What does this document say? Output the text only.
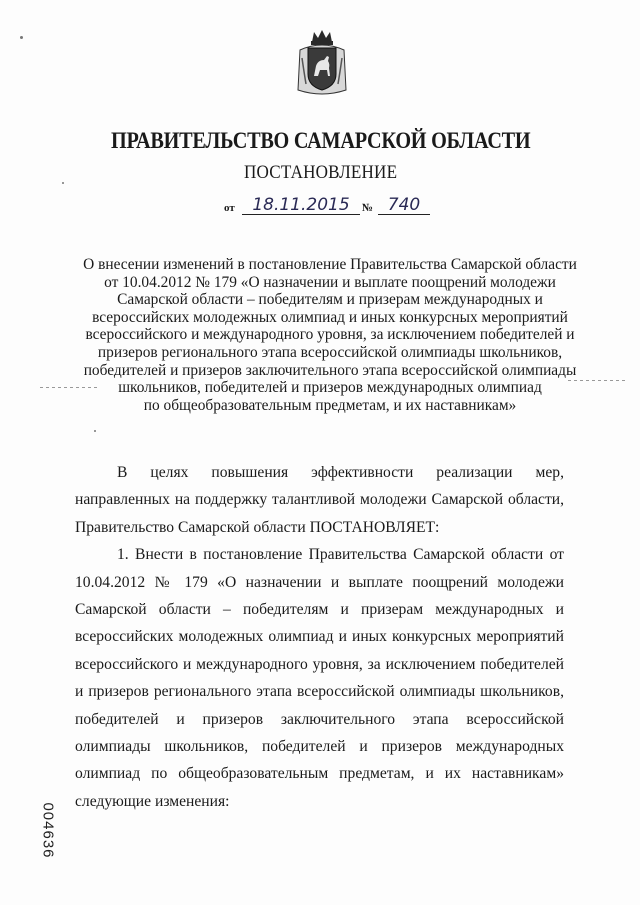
ПРАВИТЕЛЬСТВО САМАРСКОЙ ОБЛАСТИ
ПОСТАНОВЛЕНИЕ
от	18.11.2015	№ 740
О внесении изменений в постановление Правительства Самарской области
от 10.04.2012 № 179 «О назначении и выплате поощрений молодежи
Самарской области – победителям и призерам международных и
всероссийских молодежных олимпиад и иных конкурсных мероприятий
всероссийского и международного уровня, за исключением победителей и
призеров регионального этапа всероссийской олимпиады школьников,
победителей и призеров заключительного этапа всероссийской олимпиады
школьников, победителей и призеров международных олимпиад
по общеобразовательным предметам, и их наставникам»

В целях повышения эффективности реализации мер, направленных на поддержку талантливой молодежи Самарской области, Правительство Самарской области ПОСТАНОВЛЯЕТ:

1. Внести в постановление Правительства Самарской области от 10.04.2012 № 179 «О назначении и выплате поощрений молодежи Самарской области – победителям и призерам международных и всероссийских молодежных олимпиад и иных конкурсных мероприятий всероссийского и международного уровня, за исключением победителей и призеров регионального этапа всероссийской олимпиады школьников, победителей и призеров заключительного этапа всероссийской олимпиады школьников, победителей и призеров международных олимпиад по общеобразовательным предметам, и их наставникам» следующие изменения:

004636
